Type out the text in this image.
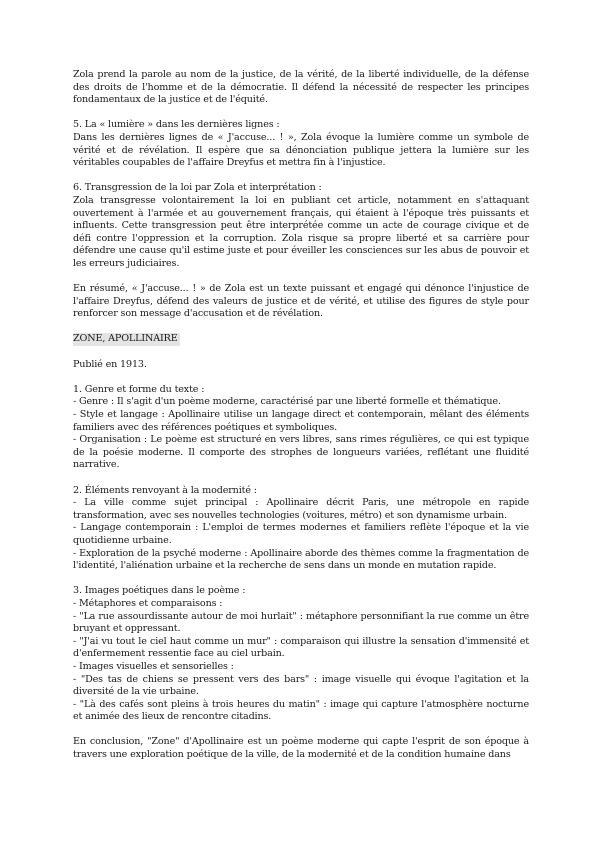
Zola prend la parole au nom de la justice, de la vérité, de la liberté individuelle, de la défense des droits de l'homme et de la démocratie. Il défend la nécessité de respecter les principes fondamentaux de la justice et de l'équité.
5. La « lumière » dans les dernières lignes :
Dans les dernières lignes de « J'accuse... ! », Zola évoque la lumière comme un symbole de vérité et de révélation. Il espère que sa dénonciation publique jettera la lumière sur les véritables coupables de l'affaire Dreyfus et mettra fin à l'injustice.
6. Transgression de la loi par Zola et interprétation :
Zola transgresse volontairement la loi en publiant cet article, notamment en s'attaquant ouvertement à l'armée et au gouvernement français, qui étaient à l'époque très puissants et influents. Cette transgression peut être interprétée comme un acte de courage civique et de défi contre l'oppression et la corruption. Zola risque sa propre liberté et sa carrière pour défendre une cause qu'il estime juste et pour éveiller les consciences sur les abus de pouvoir et les erreurs judiciaires.
En résumé, « J'accuse... ! » de Zola est un texte puissant et engagé qui dénonce l'injustice de l'affaire Dreyfus, défend des valeurs de justice et de vérité, et utilise des figures de style pour renforcer son message d'accusation et de révélation.
ZONE, APOLLINAIRE
Publié en 1913.
1. Genre et forme du texte :
- Genre : Il s'agit d'un poème moderne, caractérisé par une liberté formelle et thématique.
- Style et langage : Apollinaire utilise un langage direct et contemporain, mêlant des éléments familiers avec des références poétiques et symboliques.
- Organisation : Le poème est structuré en vers libres, sans rimes régulières, ce qui est typique de la poésie moderne. Il comporte des strophes de longueurs variées, reflétant une fluidité narrative.
2. Éléments renvoyant à la modernité :
- La ville comme sujet principal : Apollinaire décrit Paris, une métropole en rapide transformation, avec ses nouvelles technologies (voitures, métro) et son dynamisme urbain.
- Langage contemporain : L'emploi de termes modernes et familiers reflète l'époque et la vie quotidienne urbaine.
- Exploration de la psyché moderne : Apollinaire aborde des thèmes comme la fragmentation de l'identité, l'aliénation urbaine et la recherche de sens dans un monde en mutation rapide.
3. Images poétiques dans le poème :
- Métaphores et comparaisons :
- "La rue assourdissante autour de moi hurlait" : métaphore personnifiant la rue comme un être bruyant et oppressant.
- "J'ai vu tout le ciel haut comme un mur" : comparaison qui illustre la sensation d'immensité et d'enfermement ressentie face au ciel urbain.
- Images visuelles et sensorielles :
- "Des tas de chiens se pressent vers des bars" : image visuelle qui évoque l'agitation et la diversité de la vie urbaine.
- "Là des cafés sont pleins à trois heures du matin" : image qui capture l'atmosphère nocturne et animée des lieux de rencontre citadins.
En conclusion, "Zone" d'Apollinaire est un poème moderne qui capte l'esprit de son époque à travers une exploration poétique de la ville, de la modernité et de la condition humaine dans
